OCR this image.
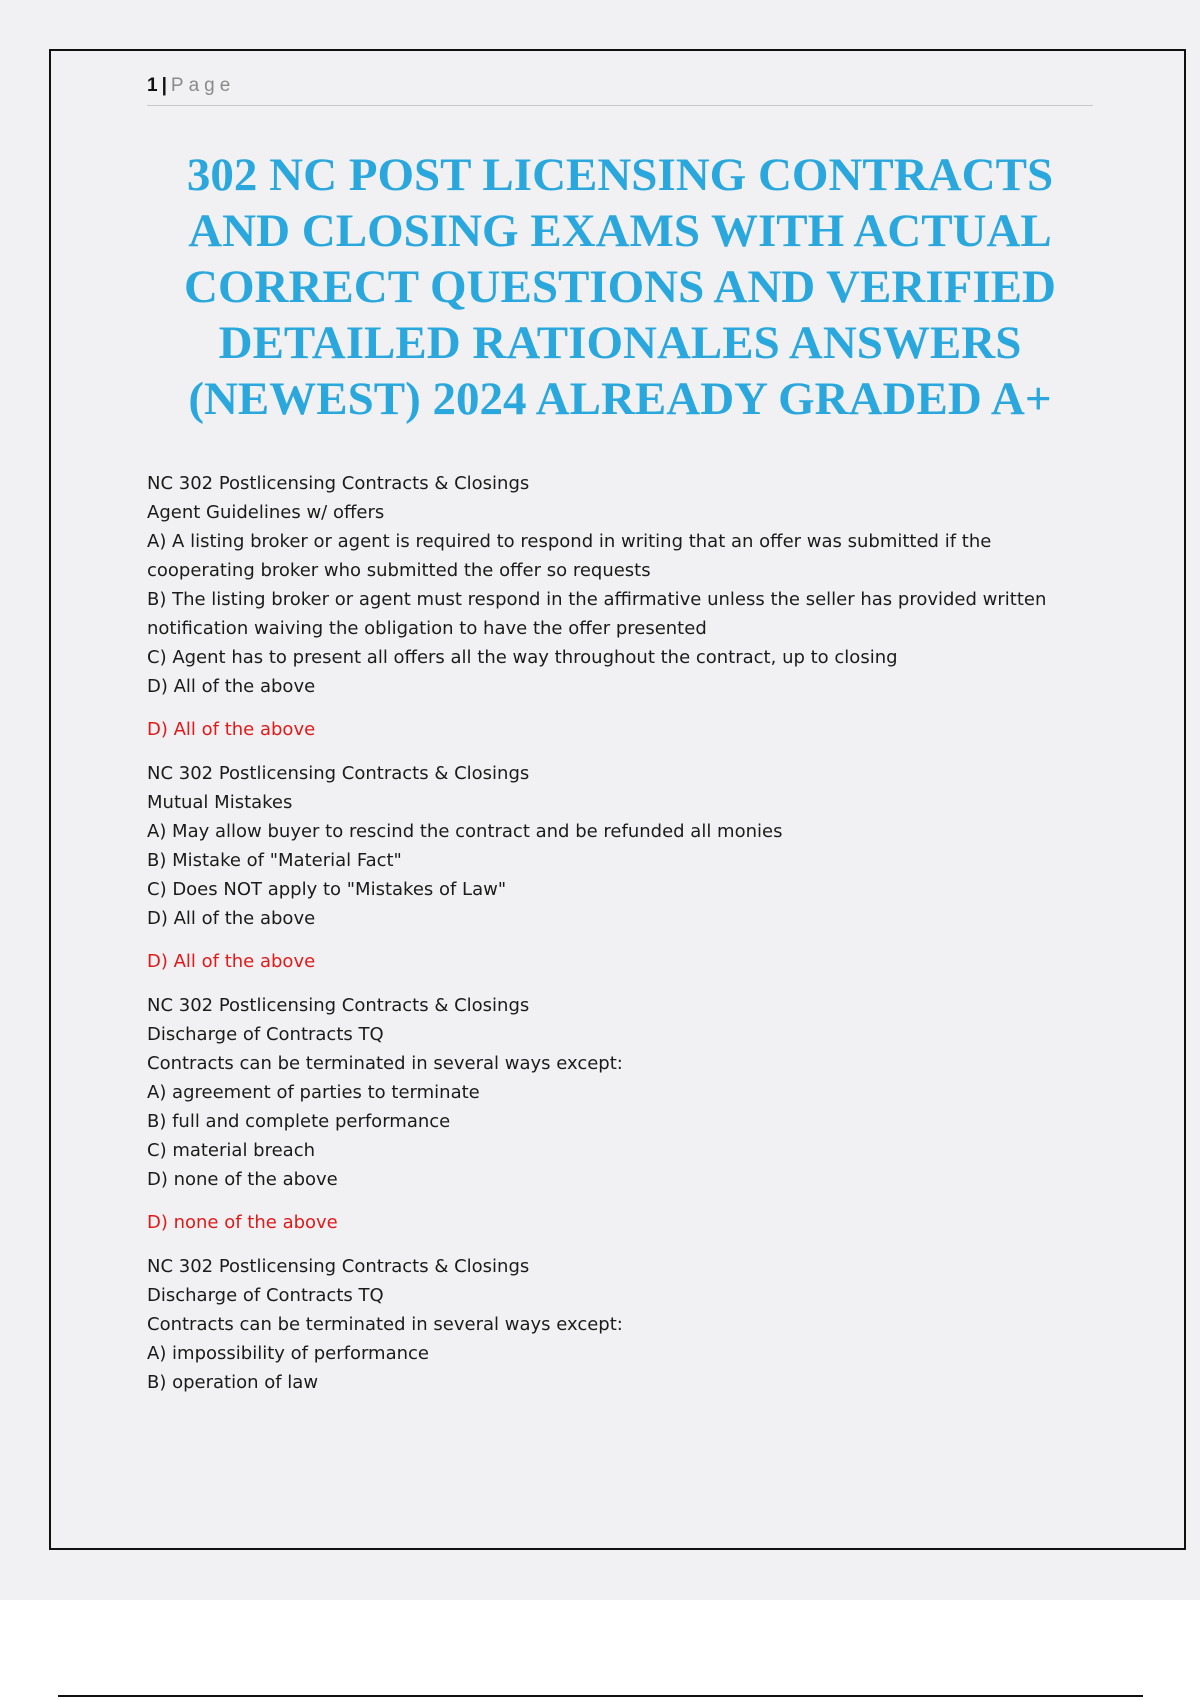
1 | Page
302 NC POST LICENSING CONTRACTS AND CLOSING EXAMS WITH ACTUAL CORRECT QUESTIONS AND VERIFIED DETAILED RATIONALES ANSWERS (NEWEST) 2024 ALREADY GRADED A+
NC 302 Postlicensing Contracts & Closings
Agent Guidelines w/ offers
A) A listing broker or agent is required to respond in writing that an offer was submitted if the cooperating broker who submitted the offer so requests
B) The listing broker or agent must respond in the affirmative unless the seller has provided written notification waiving the obligation to have the offer presented
C) Agent has to present all offers all the way throughout the contract, up to closing
D) All of the above
D) All of the above
NC 302 Postlicensing Contracts & Closings
Mutual Mistakes
A) May allow buyer to rescind the contract and be refunded all monies
B) Mistake of "Material Fact"
C) Does NOT apply to "Mistakes of Law"
D) All of the above
D) All of the above
NC 302 Postlicensing Contracts & Closings
Discharge of Contracts TQ
Contracts can be terminated in several ways except:
A) agreement of parties to terminate
B) full and complete performance
C) material breach
D) none of the above
D) none of the above
NC 302 Postlicensing Contracts & Closings
Discharge of Contracts TQ
Contracts can be terminated in several ways except:
A) impossibility of performance
B) operation of law
